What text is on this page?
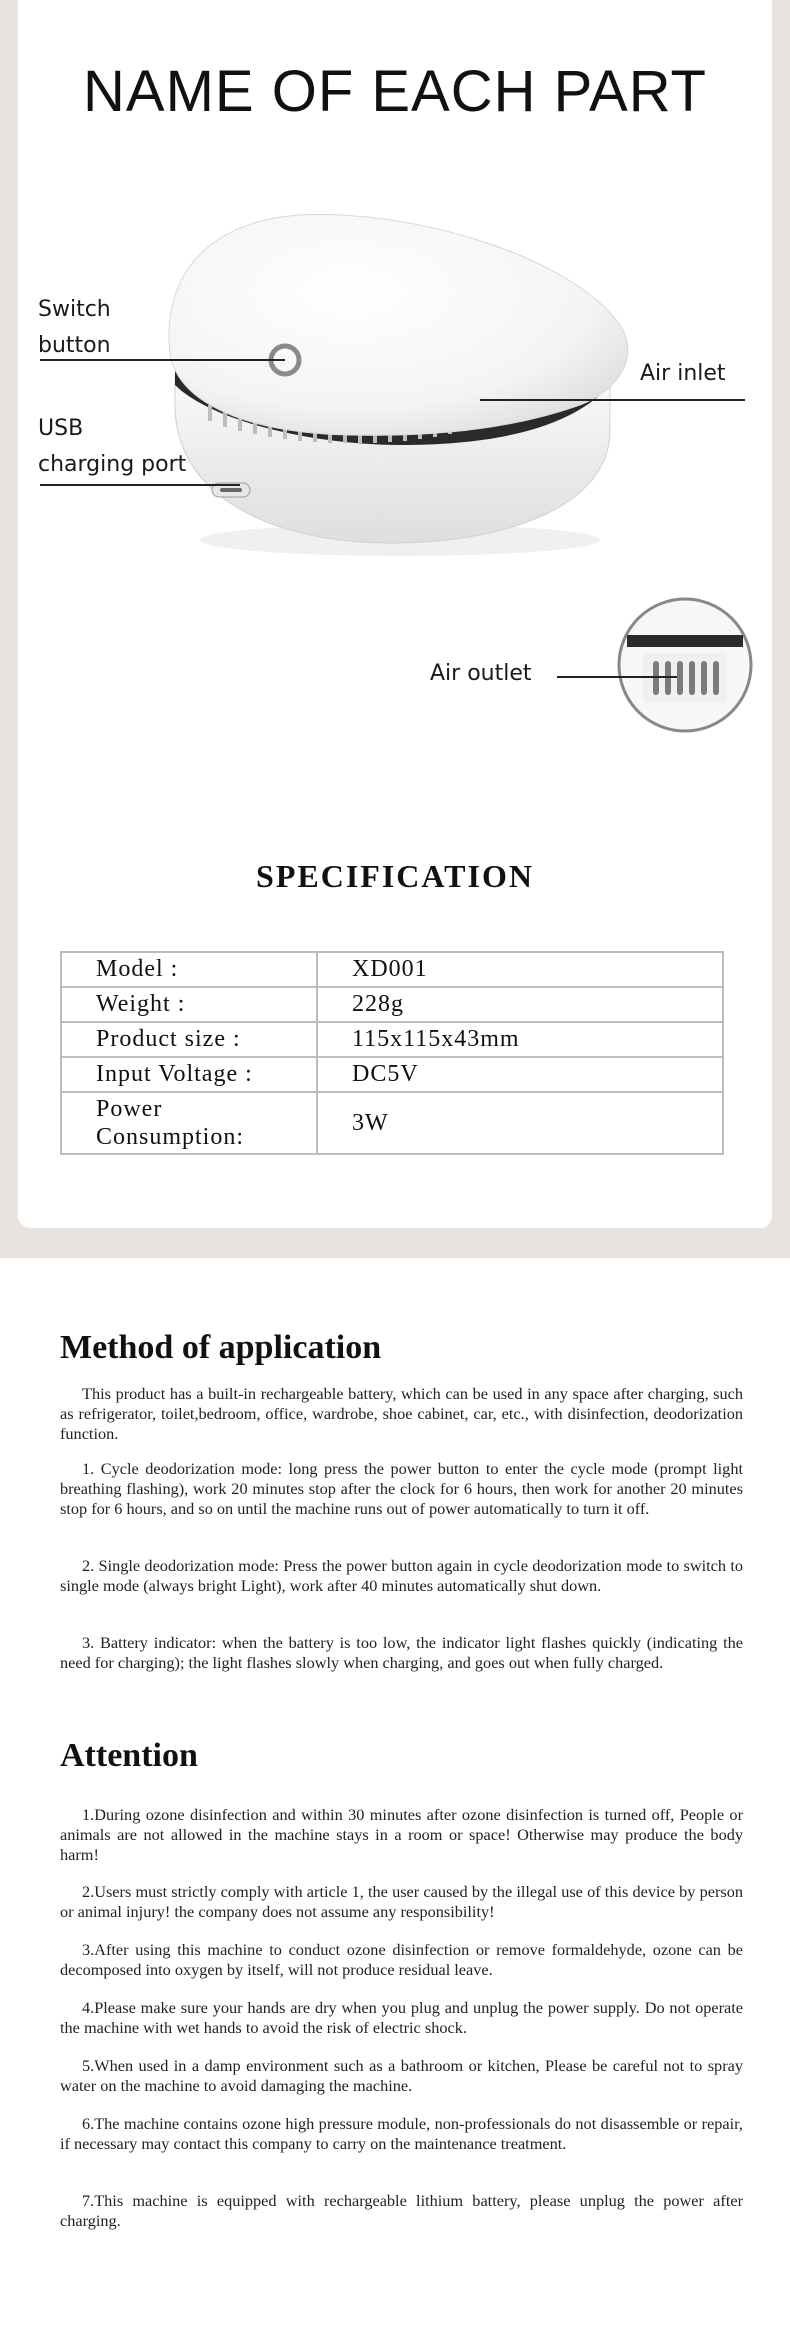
NAME OF EACH PART
Switch
button
USB
charging port
Air inlet
Air outlet
SPECIFICATION
Model :	XD001
Weight :	228g
Product size :	115x115x43mm
Input Voltage :	DC5V
Power Consumption:	3W
Method of application

This product has a built-in rechargeable battery, which can be used in any space after charging, such as refrigerator, toilet,bedroom, office, wardrobe, shoe cabinet, car, etc., with disinfection, deodorization function.

1. Cycle deodorization mode: long press the power button to enter the cycle mode (prompt light breathing flashing), work 20 minutes stop after the clock for 6 hours, then work for another 20 minutes stop for 6 hours, and so on until the machine runs out of power automatically to turn it off.

2. Single deodorization mode: Press the power button again in cycle deodorization mode to switch to single mode (always bright Light), work after 40 minutes automatically shut down.

3. Battery indicator: when the battery is too low, the indicator light flashes quickly (indicating the need for charging); the light flashes slowly when charging, and goes out when fully charged.

Attention

1.During ozone disinfection and within 30 minutes after ozone disinfection is turned off, People or animals are not allowed in the machine stays in a room or space! Otherwise may produce the body harm!

2.Users must strictly comply with article 1, the user caused by the illegal use of this device by person or animal injury! the company does not assume any responsibility!

3.After using this machine to conduct ozone disinfection or remove formaldehyde, ozone can be decomposed into oxygen by itself, will not produce residual leave.

4.Please make sure your hands are dry when you plug and unplug the power supply. Do not operate the machine with wet hands to avoid the risk of electric shock.

5.When used in a damp environment such as a bathroom or kitchen, Please be careful not to spray water on the machine to avoid damaging the machine.

6.The machine contains ozone high pressure module, non-professionals do not disassemble or repair, if necessary may contact this company to carry on the maintenance treatment.

7.This machine is equipped with rechargeable lithium battery, please unplug the power after charging.
